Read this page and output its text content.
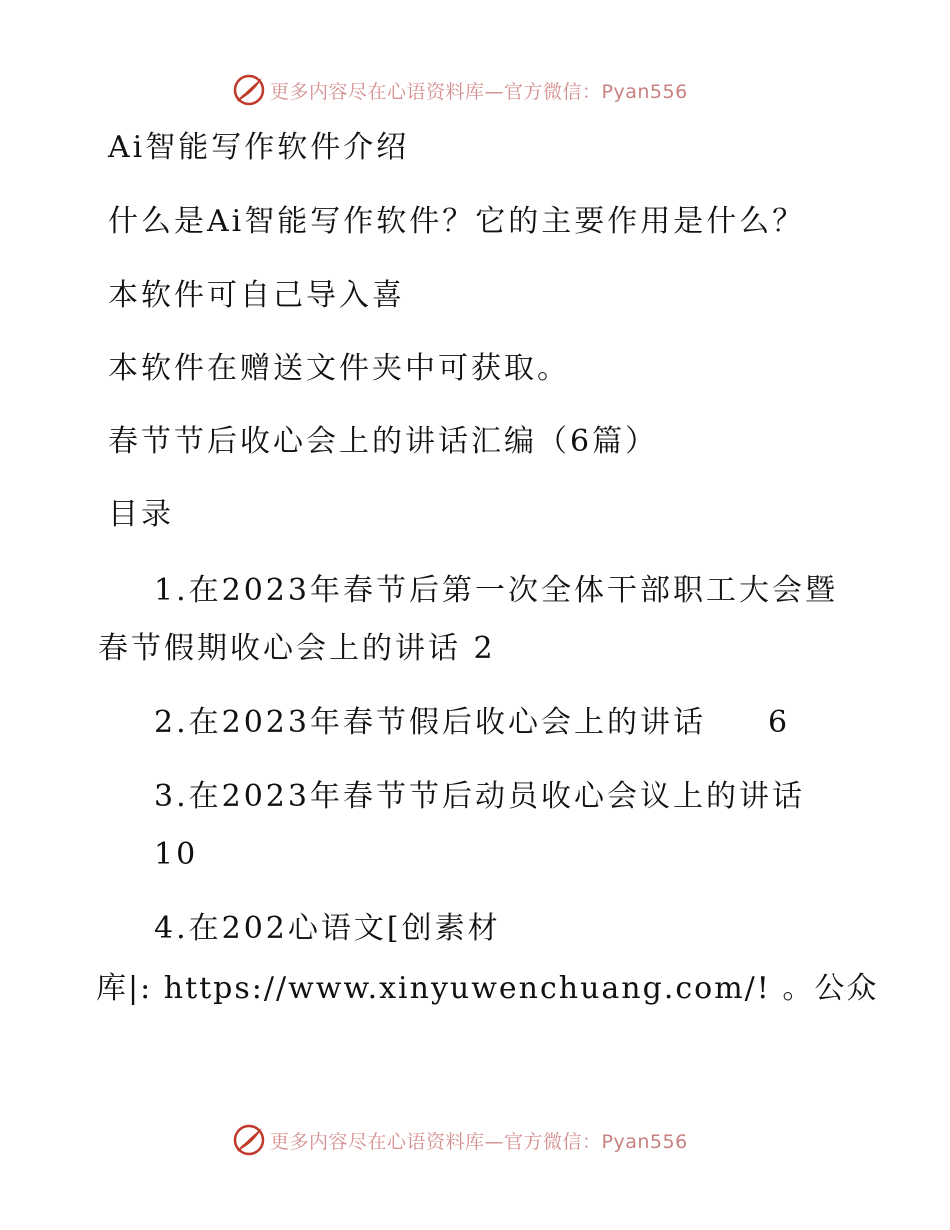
更多内容尽在心语资料库—官方微信：Pyan556
Ai智能写作软件介绍
什么是Ai智能写作软件？它的主要作用是什么？
本软件可自己导入喜
本软件在赠送文件夹中可获取。
春节节后收心会上的讲话汇编（6篇）
目录
1.在2023年春节后第一次全体干部职工大会暨
春节假期收心会上的讲话 2
2.在2023年春节假后收心会上的讲话 6
3.在2023年春节节后动员收心会议上的讲话
10
4.在202心语文[创素材
库|: https://www.xinyuwenchuang.com/! 。公众
更多内容尽在心语资料库—官方微信：Pyan556
